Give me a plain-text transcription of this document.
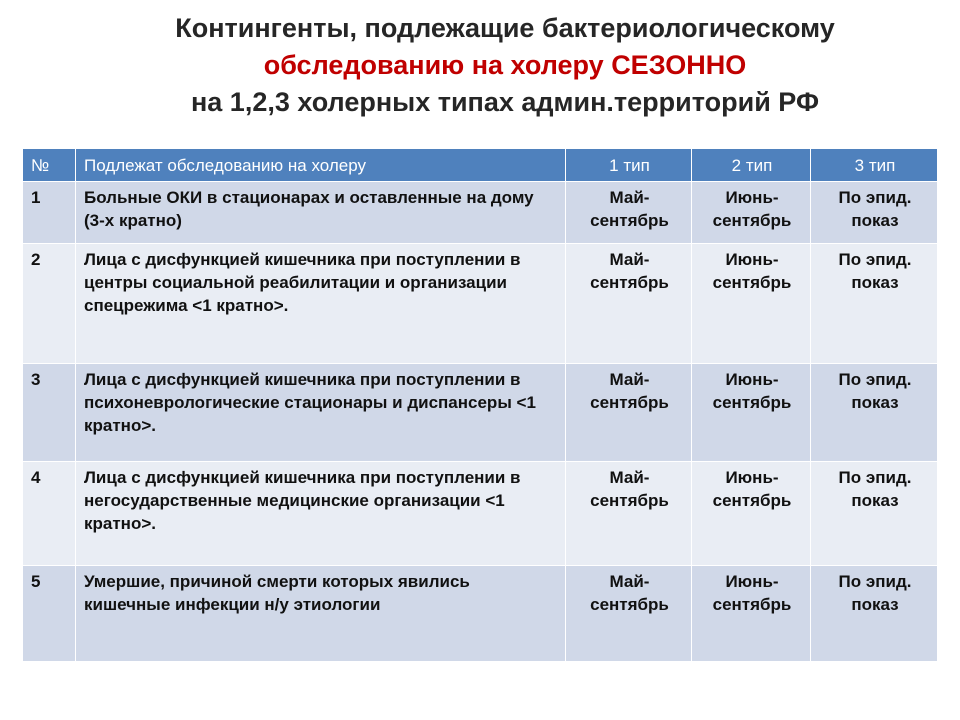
Контингенты, подлежащие бактериологическому
обследованию на холеру СЕЗОННО
на 1,2,3 холерных типах админ.территорий РФ
№	Подлежат обследованию на холеру	1 тип	2 тип	3 тип
1	Больные ОКИ в стационарах и оставленные на дому (3-х кратно)	Май-сентябрь	Июнь-сентябрь	По эпид. показ
2	Лица с дисфункцией кишечника при поступлении в центры социальной реабилитации и организации спецрежима <1 кратно>.	Май-сентябрь	Июнь-сентябрь	По эпид. показ
3	Лица с дисфункцией кишечника при поступлении в психоневрологические стационары и диспансеры <1 кратно>.	Май-сентябрь	Июнь-сентябрь	По эпид. показ
4	Лица с дисфункцией кишечника при поступлении в негосударственные медицинские организации <1 кратно>.	Май-сентябрь	Июнь-сентябрь	По эпид. показ
5	Умершие, причиной смерти которых явились кишечные инфекции н/у этиологии	Май-сентябрь	Июнь-сентябрь	По эпид. показ
